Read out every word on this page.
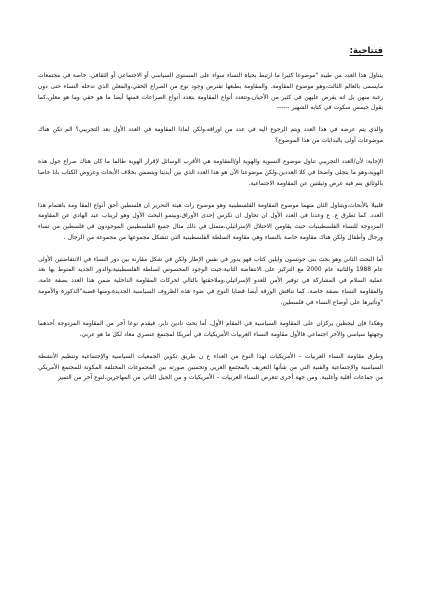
فتتاحية:

يتناول هذا العدد من طيبة "موضوعا كثيرا ما ارتبط بحياة النساء سواء على المستوى السياسي أو الاجتماعي أو الثقافي، خاصة في مجتمعات مايسمى بالعالم الثالث،وهو موضوع المقاومة. والمقاومة بطبعها تفترض وجود نوع من الصراع الخفي،والمعلن الذي تدخله النساء حتى دون رغبة منهن بل انه يفرض عليهن في كثير من الأحيان،وتتعدد أنواع المقاومة بتعدد أنواع الصراعات فمنها أيضا ما هو خفي وما هو معلن،كما يقول جيمس سكوت في كتابه الشهير ------

والذي يتم عرضه في هذا العدد ويتم الرجوع اليه في عدد من اوراقه،ولكن لماذا المقاومة في العدد الأول بعد التجريبي؟ الم تكن هناك موضوعات أولى بالبدايات من هذا الموضوع؟

الإجابة: لأن/العدد التجريبي تناول موضوع النسوية والهوية أو/المقاومة هي الأقرب الوسائل لإقرار الهوية طالما ما كان هناك صراع حول هذه الهوية،وهو ما يتجلى واضحا في كلا العددين،ولكن موضوعنا الآن هو هذا العدد الذي بين أيدينا ويتضمن بخلاف الأبحاث وعروض الكتاب بابا خاصا بالوثائق يتم فيه عرض وثيقتين عن المقاومة الاجتماعية.

قلبيلا بالأبحاث،ويتناول الثان منهما موضوع المقاومة الفلسطينية وهو موضوع رات هيئة التحرير ان فلسطين أحق أنواع المقا ومة باهتمام هذا العدد. كما تطرق ع. ع وعدنا في العدد الأول ان تحاول ان نكرس إحدى الأوراق،وبينمو البحث الأول وهو لريناب عبد الهادي عن المقاومة المزدوجة للنساء الفلسطينيات حيث يقاومن الاحتلال الإسرائيلي،متمثل في ذلك مثال جميع الفلسطينين الموجودون في فلسطين من نساء ورجال وأطفال ولكن هناك مقاومة خاصة بالنساء وهي مقاومة السلطة الفلسطينية التي تتشكل مجموعها من مجموعة من الرجال .

أما البحث الثاني وهو بحث بنى جونسون وايلين كتاب فهو يدور في نفس الإطار ولكن في شكل مقارنة بين دور النساء في الانتفاضتين الأولى عام 1988 والثانية عام 2000 مع التركيز على الانتفاضة الثانية،حيث الوجود المحسوس لسلطة الفلسطينية،والدور الجديد المنوط بها بعد عملية السلام في المشاركة في توفير الأمن للعدو الإسرائيلي،وملاحقتها بالتالي لحركات المقاومة الداخلية ضمن هذا العدد بصفة عامة، والمقاومة النساء بصفة خاصة. كما تناقش الورقة أيضا قضايا النوع في ضوء هذه الظروف السياسية الجديدة،ومنها قضية"الذكورة والأمومة "وتأثيرها على أوضاع النساء في فلسطين.

وهكذا فإن ليحظين يركزان على المقاومة السياسية في المقام الأول، أما بحث نادين ناير، فيقدم نوعا آخر من المقاومة المزدوجة أحدهما وجهتها سياسي والآخر اجتماعي فالأول مقاومة النساء العربيات الأمريكيات في أمريكا لمجتمع عنصري معاد لكل ما هو عربي،

وطرق مقاومة النساء العربيات – الأمريكيات لهذا النوع من العداء ع ن طريق تكوين الجمعيات السياسية والإجتماعية وتنظيم الأنشطة السياسية والإجتماعية والفنية التي من شأنها التعريف بالمجتمع العربي وتحسين صورته بين المجموعات المختلفة المكونة للمجتمع الأمريكي من جماعات أقلية وأغلبية. ومن جهة أخرى تتعرض النساء العربيات – الأمريكيات و من الجيل الثاني من المهاجرين،لنوع آخر من التميز
